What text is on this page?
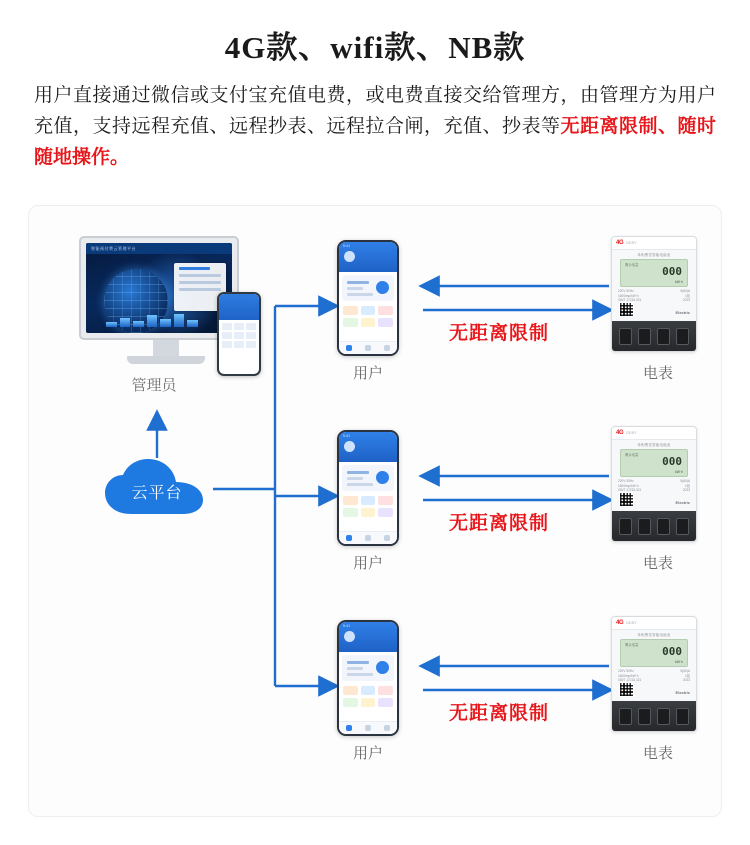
4G款、wifi款、NB款
用户直接通过微信或支付宝充值电费，或电费直接交给管理方，由管理方为用户充值，支持远程充值、远程抄表、远程拉合闸，充值、抄表等无距离限制、随时随地操作。
智能预付费云管理平台
管理员
云平台
9:41
用户
9:41
用户
9:41
用户
无距离限制
无距离限制
无距离限制
4G DDSY
单相费控智能电能表
剩余电量 000
kW·h
220V 50Hz	5(60)A
1600imp/kW·h	1级
GB/T 17215.321	2023
Electric
电表
4G DDSY
单相费控智能电能表
剩余电量 000
kW·h
220V 50Hz	5(60)A
1600imp/kW·h	1级
GB/T 17215.321	2023
Electric
电表
4G DDSY
单相费控智能电能表
剩余电量 000
kW·h
220V 50Hz	5(60)A
1600imp/kW·h	1级
GB/T 17215.321	2023
Electric
电表
